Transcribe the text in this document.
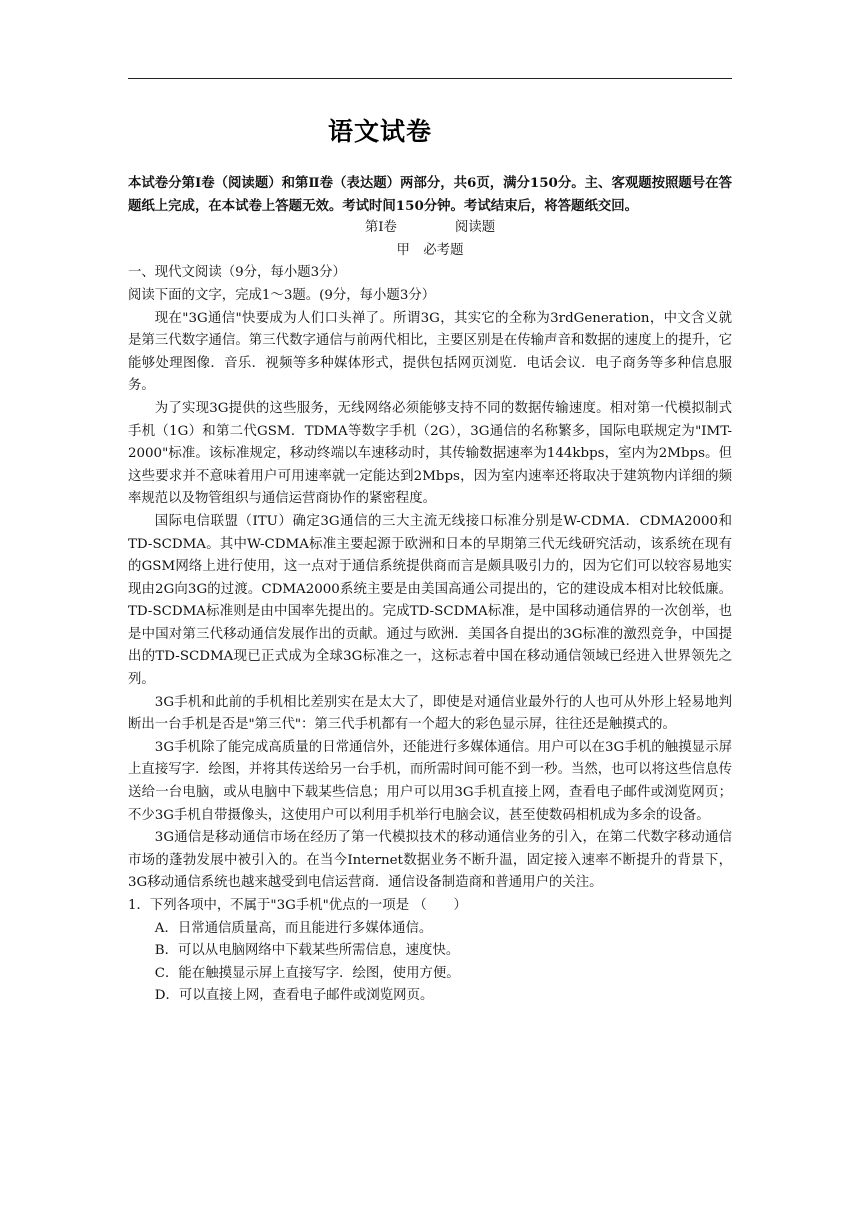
语文试卷

本试卷分第Ⅰ卷（阅读题）和第Ⅱ卷（表达题）两部分，共6页，满分150分。主、客观题按照题号在答题纸上完成，在本试卷上答题无效。考试时间150分钟。考试结束后，将答题纸交回。

第Ⅰ卷	阅读题

甲　必考题

一、现代文阅读（9分，每小题3分）

阅读下面的文字，完成1～3题。(9分，每小题3分）

现在"3G通信"快要成为人们口头禅了。所谓3G，其实它的全称为3rdGeneration，中文含义就是第三代数字通信。第三代数字通信与前两代相比，主要区别是在传输声音和数据的速度上的提升，它能够处理图像．音乐．视频等多种媒体形式，提供包括网页浏览．电话会议．电子商务等多种信息服务。

为了实现3G提供的这些服务，无线网络必须能够支持不同的数据传输速度。相对第一代模拟制式手机（1G）和第二代GSM．TDMA等数字手机（2G），3G通信的名称繁多，国际电联规定为"IMT-2000"标准。该标准规定，移动终端以车速移动时，其传输数据速率为144kbps，室内为2Mbps。但这些要求并不意味着用户可用速率就一定能达到2Mbps，因为室内速率还将取决于建筑物内详细的频率规范以及物管组织与通信运营商协作的紧密程度。

国际电信联盟（ITU）确定3G通信的三大主流无线接口标准分别是W-CDMA．CDMA2000和TD-SCDMA。其中W-CDMA标准主要起源于欧洲和日本的早期第三代无线研究活动，该系统在现有的GSM网络上进行使用，这一点对于通信系统提供商而言是颇具吸引力的，因为它们可以较容易地实现由2G向3G的过渡。CDMA2000系统主要是由美国高通公司提出的，它的建设成本相对比较低廉。TD-SCDMA标准则是由中国率先提出的。完成TD-SCDMA标准，是中国移动通信界的一次创举，也是中国对第三代移动通信发展作出的贡献。通过与欧洲．美国各自提出的3G标准的激烈竞争，中国提出的TD-SCDMA现已正式成为全球3G标准之一，这标志着中国在移动通信领域已经进入世界领先之列。

3G手机和此前的手机相比差别实在是太大了，即使是对通信业最外行的人也可从外形上轻易地判断出一台手机是否是"第三代"：第三代手机都有一个超大的彩色显示屏，往往还是触摸式的。

3G手机除了能完成高质量的日常通信外，还能进行多媒体通信。用户可以在3G手机的触摸显示屏上直接写字．绘图，并将其传送给另一台手机，而所需时间可能不到一秒。当然，也可以将这些信息传送给一台电脑，或从电脑中下载某些信息；用户可以用3G手机直接上网，查看电子邮件或浏览网页；不少3G手机自带摄像头，这使用户可以利用手机举行电脑会议，甚至使数码相机成为多余的设备。

3G通信是移动通信市场在经历了第一代模拟技术的移动通信业务的引入，在第二代数字移动通信市场的蓬勃发展中被引入的。在当今Internet数据业务不断升温，固定接入速率不断提升的背景下，3G移动通信系统也越来越受到电信运营商．通信设备制造商和普通用户的关注。

1．下列各项中，不属于"3G手机"优点的一项是 （　　）

A．日常通信质量高，而且能进行多媒体通信。

B．可以从电脑网络中下载某些所需信息，速度快。

C．能在触摸显示屏上直接写字．绘图，使用方便。

D．可以直接上网，查看电子邮件或浏览网页。
